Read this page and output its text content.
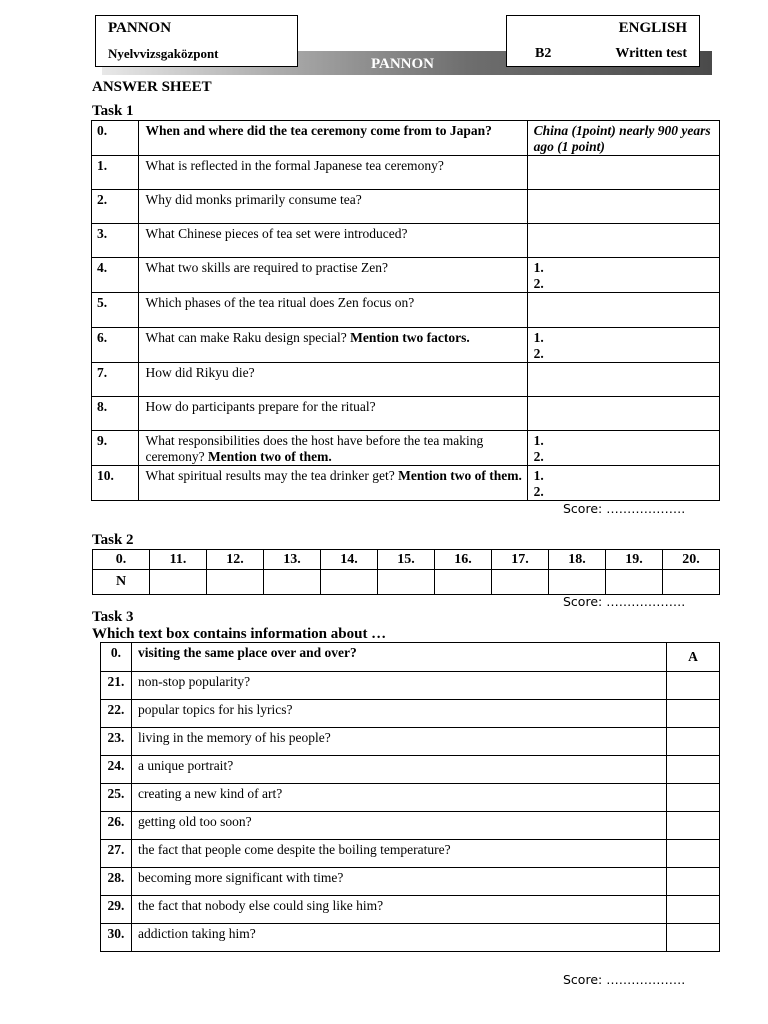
PANNON
PANNON
Nyelvvizsgaközpont
ENGLISH
B2	Written test
ANSWER SHEET
Task 1
0.	When and where did the tea ceremony come from to Japan?	China (1point) nearly 900 years ago (1 point)
1.	What is reflected in the formal Japanese tea ceremony?	
2.	Why did monks primarily consume tea?	
3.	What Chinese pieces of tea set were introduced?	
4.	What two skills are required to practise Zen?	1.
2.
5.	Which phases of the tea ritual does Zen focus on?	
6.	What can make Raku design special? Mention two factors.	1.
2.
7.	How did Rikyu die?	
8.	How do participants prepare for the ritual?	
9.	What responsibilities does the host have before the tea making ceremony? Mention two of them.	1.
2.
10.	What spiritual results may the tea drinker get? Mention two of them.	1.
2.
Score: ……………….
Task 2
0.	11.	12.	13.	14.	15.	16.	17.	18.	19.	20.
N										
Score: ……………….
Task 3
Which text box contains information about …
0.	visiting the same place over and over?	A
21.	non-stop popularity?	
22.	popular topics for his lyrics?	
23.	living in the memory of his people?	
24.	a unique portrait?	
25.	creating a new kind of art?	
26.	getting old too soon?	
27.	the fact that people come despite the boiling temperature?	
28.	becoming more significant with time?	
29.	the fact that nobody else could sing like him?	
30.	addiction taking him?	
Score: ……………….
